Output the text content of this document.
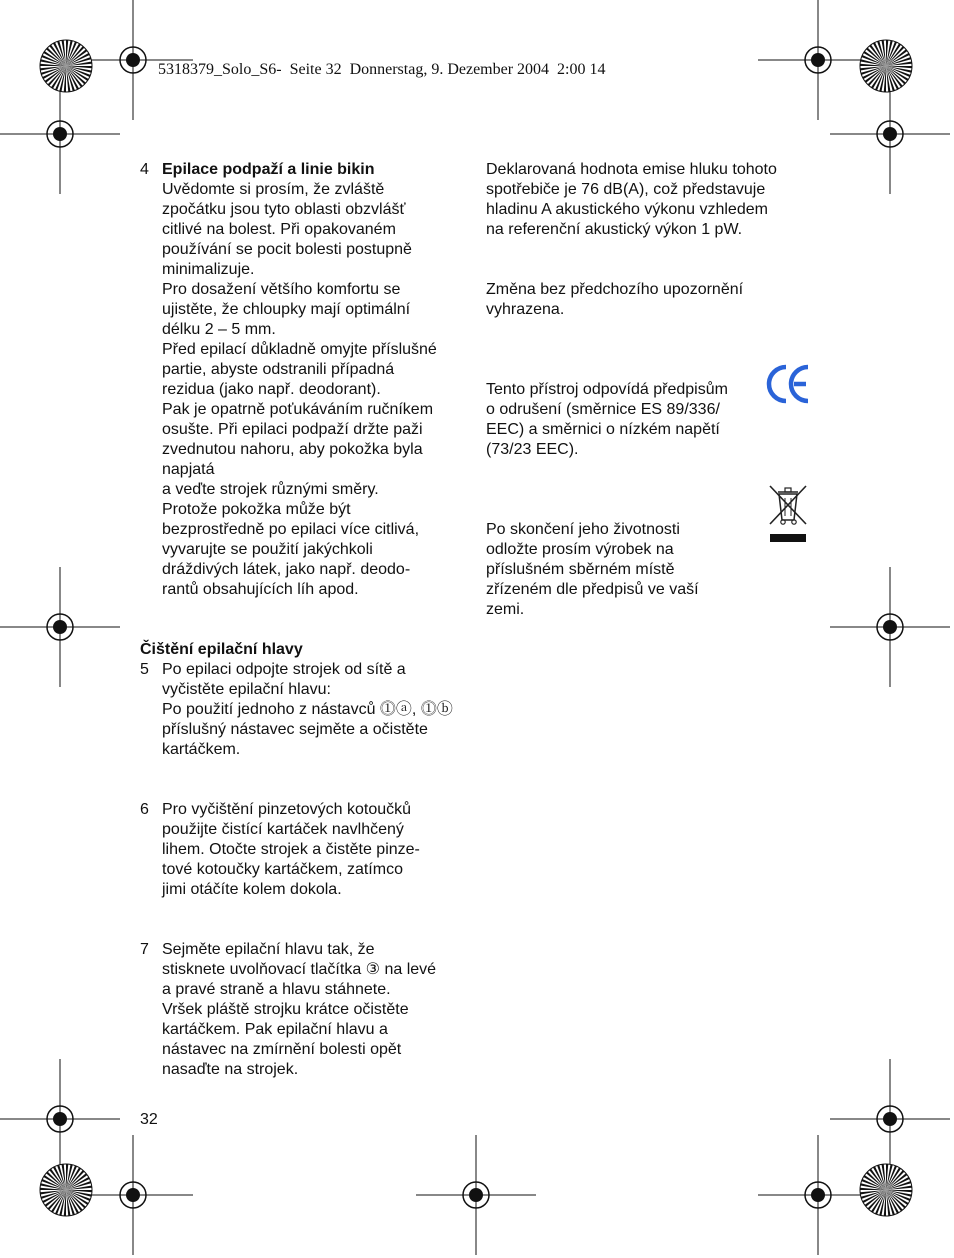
5318379_Solo_S6-  Seite 32  Donnerstag, 9. Dezember 2004  2:00 14
4 Epilace podpaží a linie bikin
Uvědomte si prosím, že zvláště
zpočátku jsou tyto oblasti obzvlášť
citlivé na bolest. Při opakovaném
používání se pocit bolesti postupně
minimalizuje.
Pro dosažení většího komfortu se
ujistěte, že chloupky mají optimální
délku 2 – 5 mm.
Před epilací důkladně omyjte příslušné
partie, abyste odstranili případná
rezidua (jako např. deodorant).
Pak je opatrně poťukáváním ručníkem
osušte. Při epilaci podpaží držte paži
zvednutou nahoru, aby pokožka byla
napjatá
a veďte strojek různými směry.
Protože pokožka může být
bezprostředně po epilaci více citlivá,
vyvarujte se použití jakýchkoli
dráždivých látek, jako např. deodo-
rantů obsahujících líh apod.
Čištění epilační hlavy
5 Po epilaci odpojte strojek od sítě a
vyčistěte epilační hlavu:
Po použití jednoho z nástavců ⓵ⓐ, ⓵ⓑ
příslušný nástavec sejměte a očistěte
kartáčkem.
6 Pro vyčištění pinzetových kotoučků
použijte čistící kartáček navlhčený
lihem. Otočte strojek a čistěte pinze-
tové kotoučky kartáčkem, zatímco
jimi otáčíte kolem dokola.
7 Sejměte epilační hlavu tak, že
stisknete uvolňovací tlačítka ③ na levé
a pravé straně a hlavu stáhnete.
Vršek pláště strojku krátce očistěte
kartáčkem. Pak epilační hlavu a
nástavec na zmírnění bolesti opět
nasaďte na strojek.
Deklarovaná hodnota emise hluku tohoto
spotřebiče je 76 dB(A), což představuje
hladinu A akustického výkonu vzhledem
na referenční akustický výkon 1 pW.
Změna bez předchozího upozornění
vyhrazena.
Tento přístroj odpovídá předpisům
o odrušení (směrnice ES 89/336/
EEC) a směrnici o nízkém napětí
(73/23 EEC).
Po skončení jeho životnosti
odložte prosím výrobek na
příslušném sběrném místě
zřízeném dle předpisů ve vaší
zemi.
32
